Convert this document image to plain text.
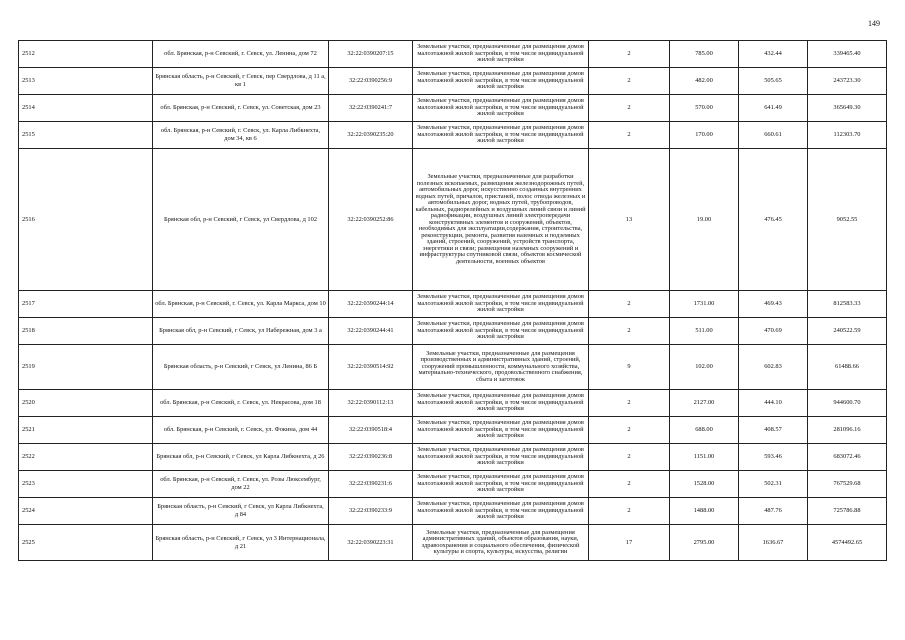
149
2512	обл. Брянская, р-н Севский, г. Севск, ул. Ленина, дом 72	32:22:0390207:15	Земельные участки, предназначенные для размещения домов малоэтажной жилой застройки, в том числе индивидуальной жилой застройки	2	785.00	432.44	339465.40
2513	Брянская область, р-н Севский, г Севск, пер Свердлова, д 11 а, кв 1	32:22:0390256:9	Земельные участки, предназначенные для размещения домов малоэтажной жилой застройки, в том числе индивидуальной жилой застройки	2	482.00	505.65	243723.30
2514	обл. Брянская, р-н Севский, г. Севск, ул. Советская, дом 23	32:22:0390241:7	Земельные участки, предназначенные для размещения домов малоэтажной жилой застройки, в том числе индивидуальной жилой застройки	2	570.00	641.49	365649.30
2515	обл. Брянская, р-н Севский, г. Севск, ул. Карла Либкнехта, дом 34, кв 6	32:22:0390235:20	Земельные участки, предназначенные для размещения домов малоэтажной жилой застройки, в том числе индивидуальной жилой застройки	2	170.00	660.61	112303.70
2516	Брянская обл, р-н Севский, г Севск, ул Свердлова, д 102	32:22:0390252:86	Земельные участки, предназначенные для разработки полезных ископаемых, размещения железнодорожных путей, автомобильных дорог, искусственно созданных внутренних водных путей, причалов, пристаней, полос отвода железных и автомобильных дорог, водных путей, трубопроводов, кабельных, радиорелейных и воздушных линий связи и линий радиофикации, воздушных линий электропередачи конструктивных элементов и сооружений, объектов, необходимых для эксплуатации,содержания, строительства, реконструкции, ремонта, развития наземных и подземных зданий, строений, сооружений, устройств транспорта, энергетики и связи; размещения наземных сооружений и инфраструктуры спутниковой связи, объектов космической деятельности, военных объектов	13	19.00	476.45	9052.55
2517	обл. Брянская, р-н Севский, г. Севск, ул. Карла Маркса, дом 10	32:22:0390244:14	Земельные участки, предназначенные для размещения домов малоэтажной жилой застройки, в том числе индивидуальной жилой застройки	2	1731.00	469.43	812583.33
2518	Брянская обл, р-н Севский, г Севск, ул Набережная, дом 3 а	32:22:0390244:41	Земельные участки, предназначенные для размещения домов малоэтажной жилой застройки, в том числе индивидуальной жилой застройки	2	511.00	470.69	240522.59
2519	Брянская область, р-н Севский, г Севск, ул Ленина, 86 Б	32:22:0390514:92	Земельные участки, предназначенные для размещения производственных и административных зданий, строений, сооружений промышленности, коммунального хозяйства, материально-технического, продовольственного снабжения, сбыта и заготовок	9	102.00	602.83	61488.66
2520	обл. Брянская, р-н Севский, г. Севск, ул. Некрасова, дом 18	32:22:0390112:13	Земельные участки, предназначенные для размещения домов малоэтажной жилой застройки, в том числе индивидуальной жилой застройки	2	2127.00	444.10	944600.70
2521	обл. Брянская, р-н Севский, г. Севск, ул. Фокина, дом 44	32:22:0390518:4	Земельные участки, предназначенные для размещения домов малоэтажной жилой застройки, в том числе индивидуальной жилой застройки	2	688.00	408.57	281096.16
2522	Брянская обл, р-н Севский, г Севск, ул Карла Либкнехта, д 26	32:22:0390236:8	Земельные участки, предназначенные для размещения домов малоэтажной жилой застройки, в том числе индивидуальной жилой застройки	2	1151.00	593.46	683072.46
2523	обл. Брянская, р-н Севский, г. Севск, ул. Розы Люксембург, дом 22	32:22:0390231:6	Земельные участки, предназначенные для размещения домов малоэтажной жилой застройки, в том числе индивидуальной жилой застройки	2	1528.00	502.31	767529.68
2524	Брянская область, р-н Севский, г Севск, ул Карла Либкнехта, д 84	32:22:0390233:9	Земельные участки, предназначенные для размещения домов малоэтажной жилой застройки, в том числе индивидуальной жилой застройки	2	1488.00	487.76	725786.88
2525	Брянская область, р-н Севский, г Севск, ул 3 Интернационала, д 21	32:22:0390223:31	Земельные участки, предназначенные для размещения административных зданий, объектов образования, науки, здравоохранения и социального обеспечения, физической культуры и спорта, культуры, искусства, религии	17	2795.00	1636.67	4574492.65
